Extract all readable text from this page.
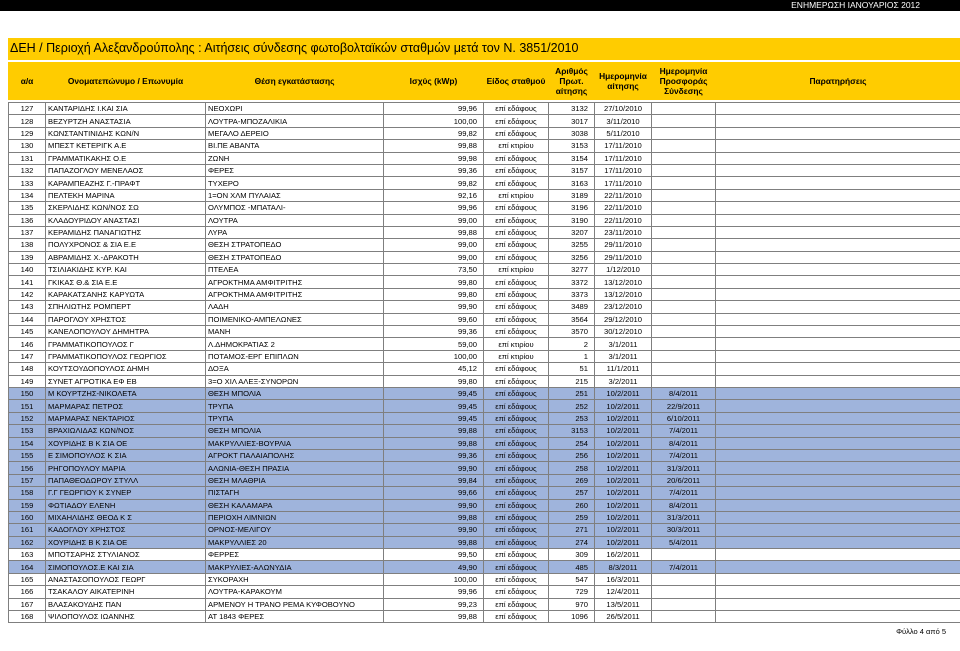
ΕΝΗΜΕΡΩΣΗ ΙΑΝΟΥΑΡΙΟΣ 2012
ΔΕΗ / Περιοχή Αλεξανδρούπολης : Αιτήσεις σύνδεσης φωτοβολταϊκών σταθμών μετά τον Ν. 3851/2010
α/α	Ονοματεπώνυμο / Επωνυμία	Θέση εγκατάστασης	Ισχύς (kWp)	Είδος σταθμού	Αριθμός Πρωτ. αίτησης	Ημερομηνία αίτησης	Ημερομηνία Προσφοράς Σύνδεσης	Παρατηρήσεις

127	ΚΑΝΤΑΡΙΔΗΣ Ι.ΚΑΙ ΣΙΑ	ΝΕΟΧΩΡΙ	99,96	επί εδάφους	3132	27/10/2010		
128	ΒΕΖΥΡΤΖΗ ΑΝΑΣΤΑΣΙΑ	ΛΟΥΤΡΑ-ΜΠΟΖΑΛΙΚΙΑ	100,00	επί εδάφους	3017	3/11/2010		
129	ΚΩΝΣΤΑΝΤΙΝΙΔΗΣ ΚΩΝ/Ν	ΜΕΓΑΛΟ ΔΕΡΕΙΟ	99,82	επί εδάφους	3038	5/11/2010		
130	ΜΠΕΣΤ ΚΕΤΕΡΙΓΚ Α.Ε	ΒΙ.ΠΕ ΑΒΑΝΤΑ	99,88	επί κτιρίου	3153	17/11/2010		
131	ΓΡΑΜΜΑΤΙΚΑΚΗΣ Ο.Ε	ΖΩΝΗ	99,98	επί εδάφους	3154	17/11/2010		
132	ΠΑΠΑΖΟΓΛΟΥ ΜΕΝΕΛΑΟΣ	ΦΕΡΕΣ	99,36	επί εδάφους	3157	17/11/2010		
133	ΚΑΡΑΜΠΕΑΖΗΣ Γ.-ΠΡΑΦΤ	ΤΥΧΕΡΟ	99,82	επί εδάφους	3163	17/11/2010		
134	ΠΕΛΤΕΚΗ ΜΑΡΙΝΑ	1=ΟΝ ΧΛΜ ΠΥΛΑΙΑΣ	92,16	επί κτιρίου	3189	22/11/2010		
135	ΣΚΕΡΛΙΔΗΣ ΚΩΝ/ΝΟΣ ΣΩ	ΟΛΥΜΠΟΣ -ΜΠΑΤΑΛΙ-	99,96	επί εδάφους	3196	22/11/2010		
136	ΚΛΑΔΟΥΡΙΔΟΥ ΑΝΑΣΤΑΣΙ	ΛΟΥΤΡΑ	99,00	επί εδάφους	3190	22/11/2010		
137	ΚΕΡΑΜΙΔΗΣ ΠΑΝΑΓΙΩΤΗΣ	ΛΥΡΑ	99,88	επί εδάφους	3207	23/11/2010		
138	ΠΟΛΥΧΡΟΝΟΣ & ΣΙΑ Ε.Ε	ΘΕΣΗ ΣΤΡΑΤΟΠΕΔΟ	99,00	επί εδάφους	3255	29/11/2010		
139	ΑΒΡΑΜΙΔΗΣ Χ.-ΔΡΑΚΟΤΗ	ΘΕΣΗ ΣΤΡΑΤΟΠΕΔΟ	99,00	επί εδάφους	3256	29/11/2010		
140	ΤΣΙΛΙΑΚΙΔΗΣ ΚΥΡ. ΚΑΙ	ΠΤΕΛΕΑ	73,50	επί κτιρίου	3277	1/12/2010		
141	ΓΚΙΚΑΣ Θ.& ΣΙΑ Ε.Ε	ΑΓΡΟΚΤΗΜΑ ΑΜΦΙΤΡΙΤΗΣ	99,80	επί εδάφους	3372	13/12/2010		
142	ΚΑΡΑΚΑΤΣΑΝΗΣ ΚΑΡΥΩΤΑ	ΑΓΡΟΚΤΗΜΑ ΑΜΦΙΤΡΙΤΗΣ	99,80	επί εδάφους	3373	13/12/2010		
143	ΣΠΗΛΙΩΤΗΣ ΡΟΜΠΕΡΤ	ΛΑΔΗ	99,90	επί εδάφους	3489	23/12/2010		
144	ΠΑΡΟΓΛΟΥ ΧΡΗΣΤΟΣ	ΠΟΙΜΕΝΙΚΟ-ΑΜΠΕΛΩΝΕΣ	99,60	επί εδάφους	3564	29/12/2010		
145	ΚΑΝΕΛΟΠΟΥΛΟΥ ΔΗΜΗΤΡΑ	ΜΑΝΗ	99,36	επί εδάφους	3570	30/12/2010		
146	ΓΡΑΜΜΑΤΙΚΟΠΟΥΛΟΣ Γ	Λ.ΔΗΜΟΚΡΑΤΙΑΣ 2	59,00	επί κτιρίου	2	3/1/2011		
147	ΓΡΑΜΜΑΤΙΚΟΠΟΥΛΟΣ ΓΕΩΡΓΙΟΣ	ΠΟΤΑΜΟΣ-ΕΡΓ ΕΠΙΠΛΩΝ	100,00	επί κτιρίου	1	3/1/2011		
148	ΚΟΥΤΣΟΥΔΟΠΟΥΛΟΣ ΔΗΜΗ	ΔΟΞΑ	45,12	επί εδάφους	51	11/1/2011		
149	ΣΥΝΕΤ ΑΓΡΟΤΙΚΑ ΕΦ ΕΒ	3=Ο ΧΙΛ ΑΛΕΞ-ΣΥΝΟΡΩΝ	99,80	επί εδάφους	215	3/2/2011		
150	Μ ΚΟΥΡΤΖΗΣ-ΝΙΚΟΛΕΤΑ	ΘΕΣΗ ΜΠΟΛΙΑ	99,45	επί εδάφους	251	10/2/2011	8/4/2011	
151	ΜΑΡΜΑΡΑΣ ΠΕΤΡΟΣ	ΤΡΥΠΑ	99,45	επί εδάφους	252	10/2/2011	22/9/2011	
152	ΜΑΡΜΑΡΑΣ ΝΕΚΤΑΡΙΟΣ	ΤΡΥΠΑ	99,45	επί εδάφους	253	10/2/2011	6/10/2011	
153	ΒΡΑΧΙΩΛΙΔΑΣ ΚΩΝ/ΝΟΣ	ΘΕΣΗ ΜΠΟΛΙΑ	99,88	επί εδάφους	3153	10/2/2011	7/4/2011	
154	ΧΟΥΡΙΔΗΣ Β Κ ΣΙΑ ΟΕ	ΜΑΚΡΥΛΛΙΕΣ-ΒΟΥΡΛΙΑ	99,88	επί εδάφους	254	10/2/2011	8/4/2011	
155	Ε ΣΙΜΟΠΟΥΛΟΣ Κ ΣΙΑ	ΑΓΡΟΚΤ ΠΑΛΑΙΑΠΟΛΗΣ	99,36	επί εδάφους	256	10/2/2011	7/4/2011	
156	ΡΗΓΟΠΟΥΛΟΥ ΜΑΡΙΑ	ΑΛΩΝΙΑ-ΘΕΣΗ ΠΡΑΣΙΑ	99,90	επί εδάφους	258	10/2/2011	31/3/2011	
157	ΠΑΠΑΘΕΟΔΩΡΟΥ ΣΤΥΛΛ	ΘΕΣΗ ΜΛΑΘΡΙΑ	99,84	επί εδάφους	269	10/2/2011	20/6/2011	
158	Γ.Γ ΓΕΩΡΓΙΟΥ Κ ΣΥΝΕΡ	ΠΙΣΤΑΓΗ	99,66	επί εδάφους	257	10/2/2011	7/4/2011	
159	ΦΩΤΙΑΔΟΥ ΕΛΕΝΗ	ΘΕΣΗ ΚΑΛΑΜΑΡΑ	99,90	επί εδάφους	260	10/2/2011	8/4/2011	
160	ΜΙΧΑΗΛΙΔΗΣ ΘΕΟΔ Κ Σ	ΠΕΡΙΟΧΗ ΛΙΜΝΙΩΝ	99,88	επί εδάφους	259	10/2/2011	31/3/2011	
161	ΚΑΔΟΓΛΟΥ ΧΡΗΣΤΟΣ	ΟΡΝΟΣ-ΜΕΛΙΓΟΥ	99,90	επί εδάφους	271	10/2/2011	30/3/2011	
162	ΧΟΥΡΙΔΗΣ Β Κ ΣΙΑ ΟΕ	ΜΑΚΡΥΛΛΙΕΣ 20	99,88	επί εδάφους	274	10/2/2011	5/4/2011	
163	ΜΠΟΤΣΑΡΗΣ ΣΤΥΛΙΑΝΟΣ	ΦΕΡΡΕΣ	99,50	επί εδάφους	309	16/2/2011		
164	ΣΙΜΟΠΟΥΛΟΣ.Ε ΚΑΙ ΣΙΑ	ΜΑΚΡΥΛΙΕΣ-ΑΛΩΝΥΔΙΑ	49,90	επί εδάφους	485	8/3/2011	7/4/2011	
165	ΑΝΑΣΤΑΣΟΠΟΥΛΟΣ ΓΕΩΡΓ	ΣΥΚΟΡΑΧΗ	100,00	επί εδάφους	547	16/3/2011		
166	ΤΣΑΚΑΛΟΥ ΑΙΚΑΤΕΡΙΝΗ	ΛΟΥΤΡΑ-ΚΑΡΑΚΟΥΜ	99,96	επί εδάφους	729	12/4/2011		
167	ΒΛΑΣΑΚΟΥΔΗΣ ΠΑΝ	ΑΡΜΕΝΟΥ Η ΤΡΑΝΟ ΡΕΜΑ ΚΥΦΟΒΟΥΝΟ	99,23	επί εδάφους	970	13/5/2011		
168	ΨΙΛΟΠΟΥΛΟΣ ΙΩΑΝΝΗΣ	ΑΤ 1843 ΦΕΡΕΣ	99,88	επί εδάφους	1096	26/5/2011		
Φύλλο 4 από 5
